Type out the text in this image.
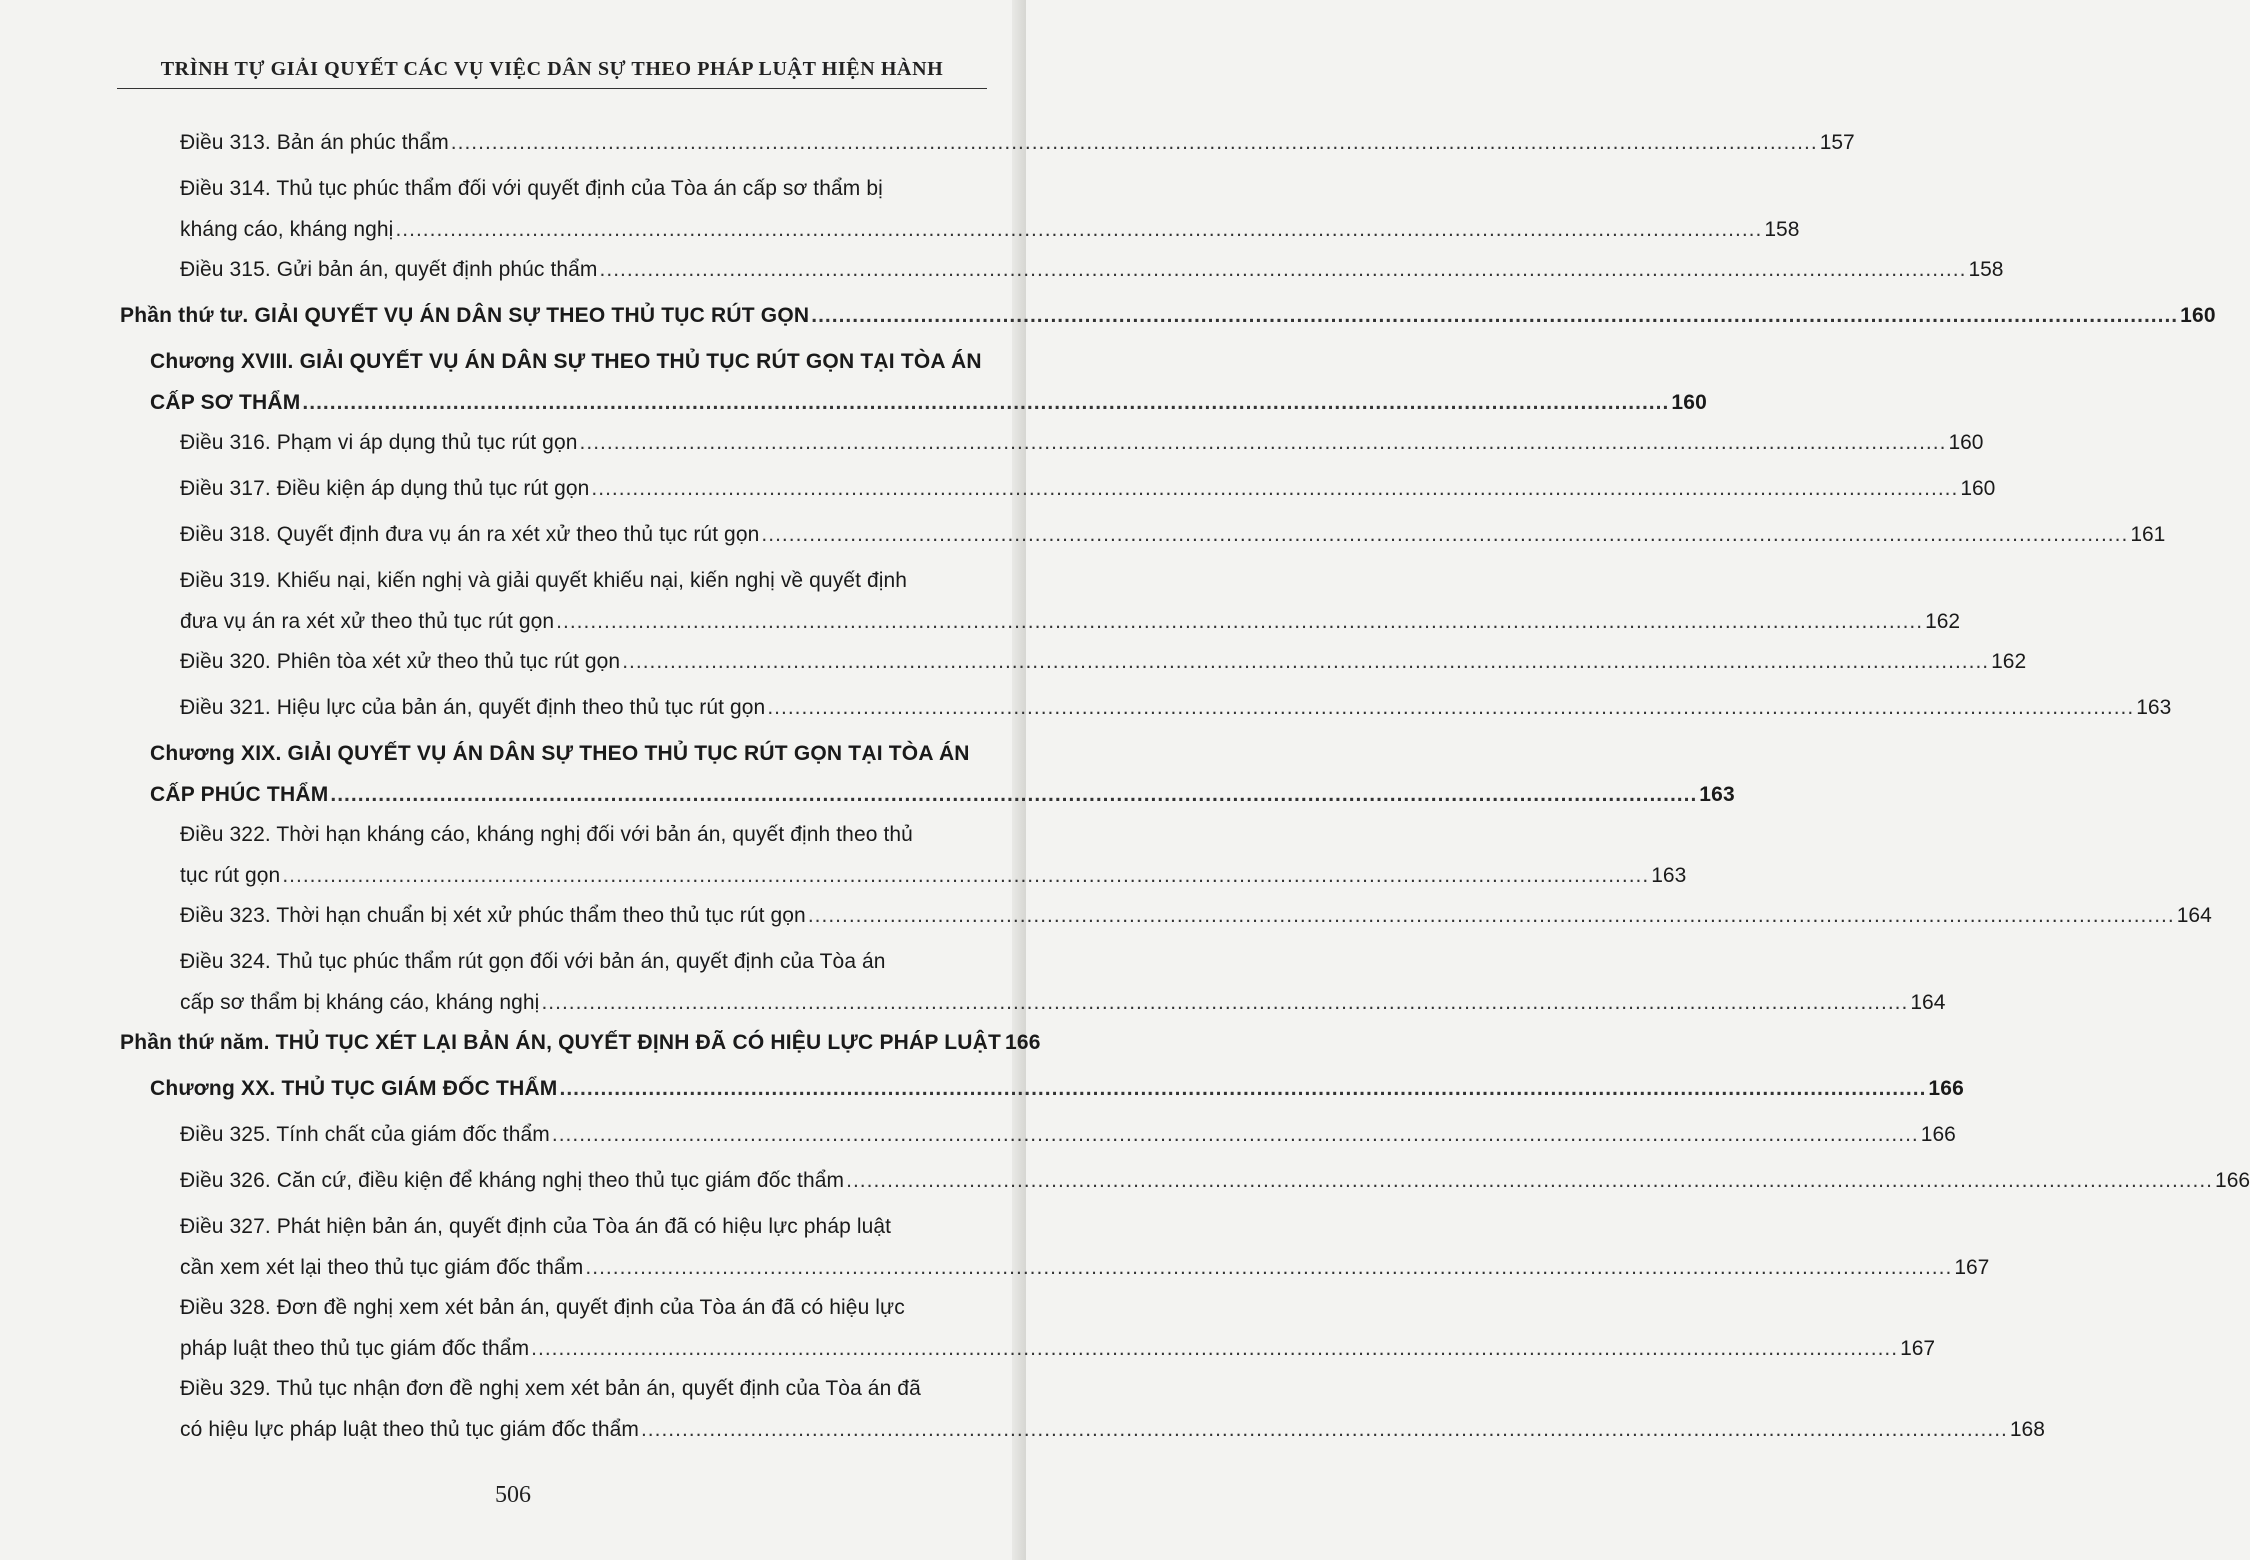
TRÌNH TỰ GIẢI QUYẾT CÁC VỤ VIỆC DÂN SỰ THEO PHÁP LUẬT HIỆN HÀNH
Điều 313. Bản án phúc thẩm .....	157
Điều 314. Thủ tục phúc thẩm đối với quyết định của Tòa án cấp sơ thẩm bị
kháng cáo, kháng nghị .....	158
Điều 315. Gửi bản án, quyết định phúc thẩm .....	158
Phần thứ tư. GIẢI QUYẾT VỤ ÁN DÂN SỰ THEO THỦ TỤC RÚT GỌN .....	160
Chương XVIII. GIẢI QUYẾT VỤ ÁN DÂN SỰ THEO THỦ TỤC RÚT GỌN TẠI TÒA ÁN
CẤP SƠ THẨM .....	160
Điều 316. Phạm vi áp dụng thủ tục rút gọn .....	160
Điều 317. Điều kiện áp dụng thủ tục rút gọn .....	160
Điều 318. Quyết định đưa vụ án ra xét xử theo thủ tục rút gọn .....	161
Điều 319. Khiếu nại, kiến nghị và giải quyết khiếu nại, kiến nghị về quyết định
đưa vụ án ra xét xử theo thủ tục rút gọn .....	162
Điều 320. Phiên tòa xét xử theo thủ tục rút gọn .....	162
Điều 321. Hiệu lực của bản án, quyết định theo thủ tục rút gọn .....	163
Chương XIX. GIẢI QUYẾT VỤ ÁN DÂN SỰ THEO THỦ TỤC RÚT GỌN TẠI TÒA ÁN
CẤP PHÚC THẨM .....	163
Điều 322. Thời hạn kháng cáo, kháng nghị đối với bản án, quyết định theo thủ
tục rút gọn .....	163
Điều 323. Thời hạn chuẩn bị xét xử phúc thẩm theo thủ tục rút gọn .....	164
Điều 324. Thủ tục phúc thẩm rút gọn đối với bản án, quyết định của Tòa án
cấp sơ thẩm bị kháng cáo, kháng nghị .....	164
Phần thứ năm. THỦ TỤC XÉT LẠI BẢN ÁN, QUYẾT ĐỊNH ĐÃ CÓ HIỆU LỰC PHÁP LUẬT 166
Chương XX. THỦ TỤC GIÁM ĐỐC THẨM .....	166
Điều 325. Tính chất của giám đốc thẩm .....	166
Điều 326. Căn cứ, điều kiện để kháng nghị theo thủ tục giám đốc thẩm .....	166
Điều 327. Phát hiện bản án, quyết định của Tòa án đã có hiệu lực pháp luật
cần xem xét lại theo thủ tục giám đốc thẩm .....	167
Điều 328. Đơn đề nghị xem xét bản án, quyết định của Tòa án đã có hiệu lực
pháp luật theo thủ tục giám đốc thẩm .....	167
Điều 329. Thủ tục nhận đơn đề nghị xem xét bản án, quyết định của Tòa án đã
có hiệu lực pháp luật theo thủ tục giám đốc thẩm .....	168
506
